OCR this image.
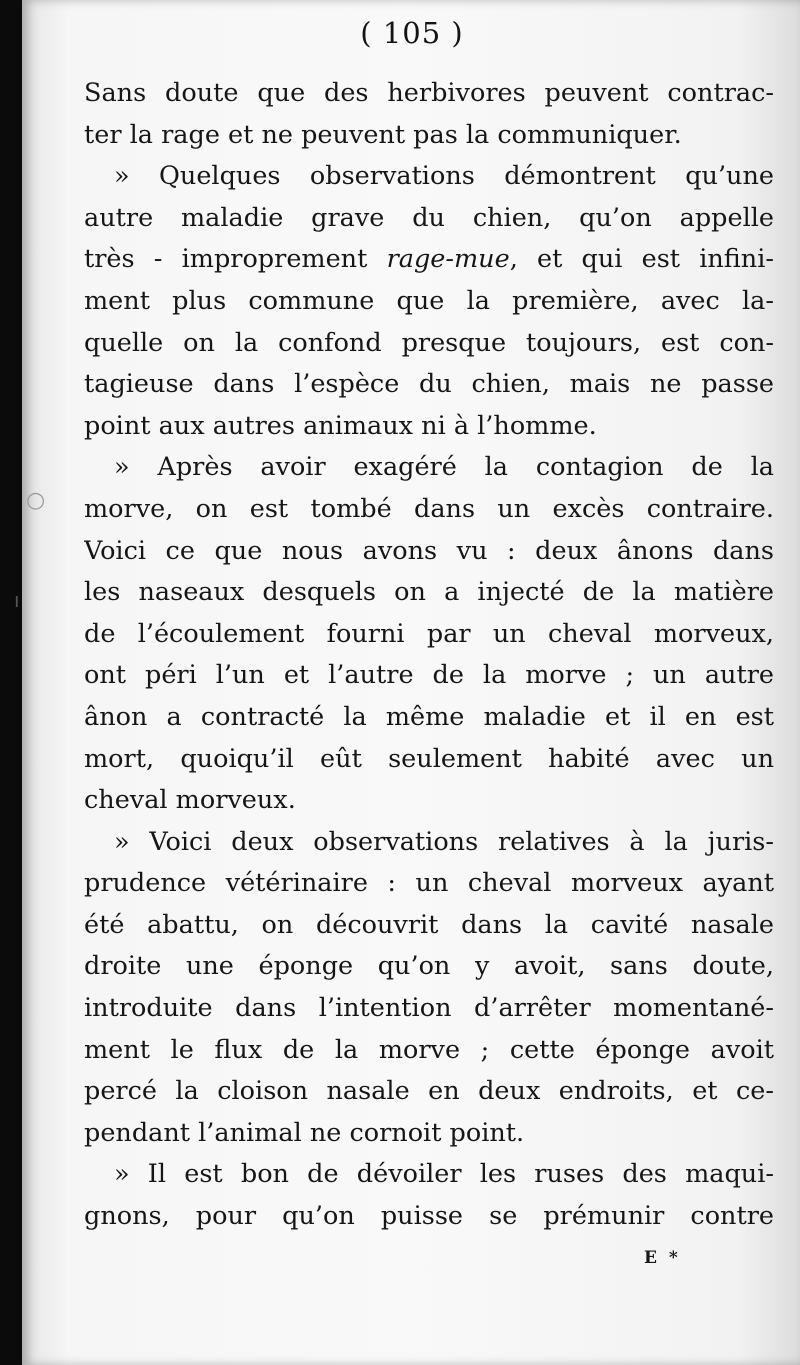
( 105 )
Sans doute que des herbivores peuvent contrac-
ter la rage et ne peuvent pas la communiquer.
» Quelques observations démontrent qu’une
autre maladie grave du chien, qu’on appelle
très - improprement rage-mue, et qui est infini-
ment plus commune que la première, avec la-
quelle on la confond presque toujours, est con-
tagieuse dans l’espèce du chien, mais ne passe
point aux autres animaux ni à l’homme.
» Après avoir exagéré la contagion de la
morve, on est tombé dans un excès contraire.
Voici ce que nous avons vu : deux ânons dans
les naseaux desquels on a injecté de la matière
de l’écoulement fourni par un cheval morveux,
ont péri l’un et l’autre de la morve ; un autre
ânon a contracté la même maladie et il en est
mort, quoiqu’il eût seulement habité avec un
cheval morveux.
» Voici deux observations relatives à la juris-
prudence vétérinaire : un cheval morveux ayant
été abattu, on découvrit dans la cavité nasale
droite une éponge qu’on y avoit, sans doute,
introduite dans l’intention d’arrêter momentané-
ment le flux de la morve ; cette éponge avoit
percé la cloison nasale en deux endroits, et ce-
pendant l’animal ne cornoit point.
» Il est bon de dévoiler les ruses des maqui-
gnons, pour qu’on puisse se prémunir contre
E *
○
ı
